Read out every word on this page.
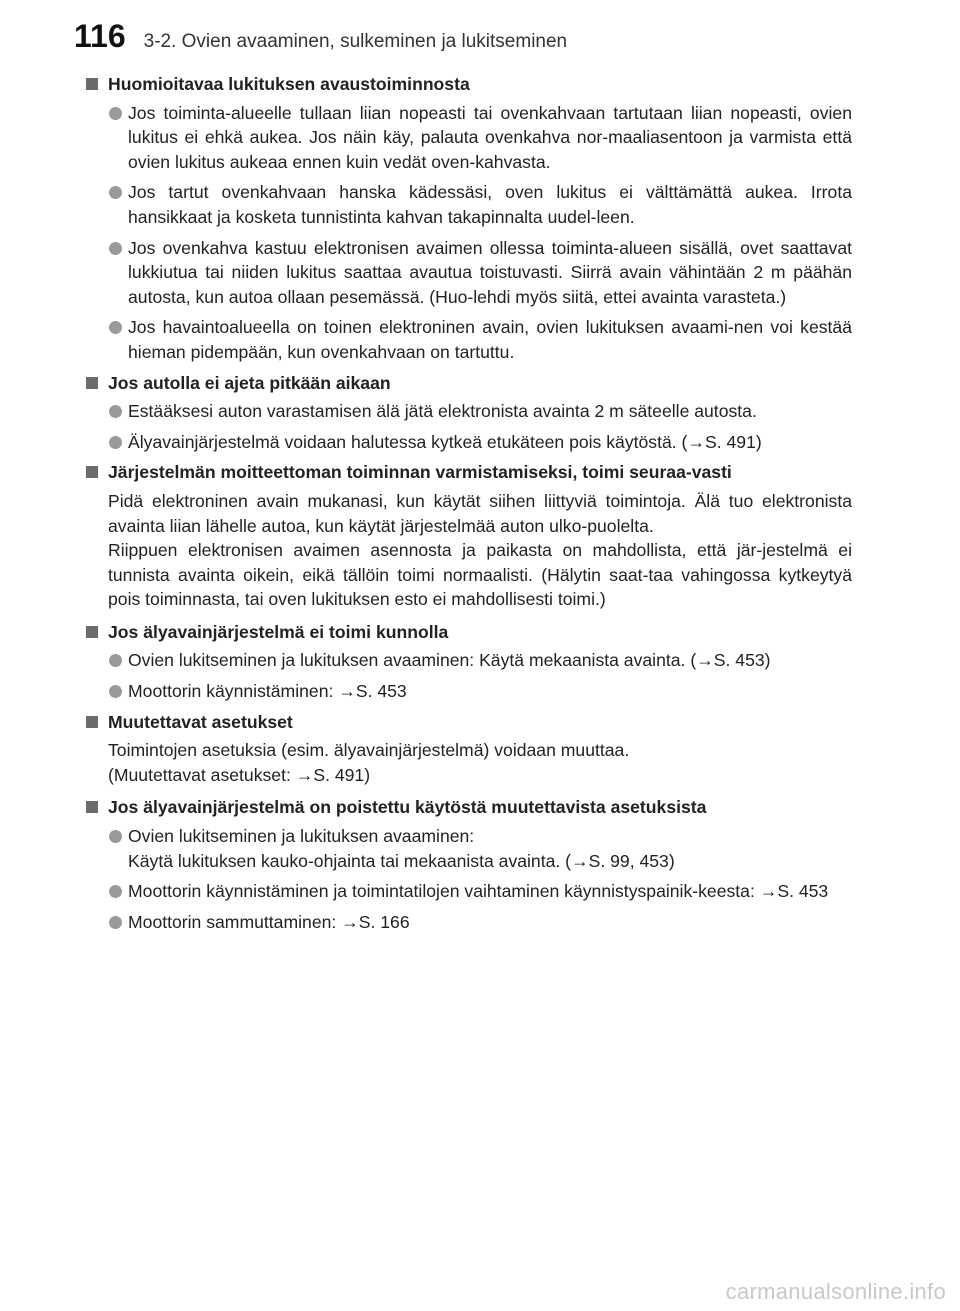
116 3-2. Ovien avaaminen, sulkeminen ja lukitseminen
Huomioitavaa lukituksen avaustoiminnosta
Jos toiminta-alueelle tullaan liian nopeasti tai ovenkahvaan tartutaan liian nopeasti, ovien lukitus ei ehkä aukea. Jos näin käy, palauta ovenkahva nor-maaliasentoon ja varmista että ovien lukitus aukeaa ennen kuin vedät oven-kahvasta.
Jos tartut ovenkahvaan hanska kädessäsi, oven lukitus ei välttämättä aukea. Irrota hansikkaat ja kosketa tunnistinta kahvan takapinnalta uudel-leen.
Jos ovenkahva kastuu elektronisen avaimen ollessa toiminta-alueen sisällä, ovet saattavat lukkiutua tai niiden lukitus saattaa avautua toistuvasti. Siirrä avain vähintään 2 m päähän autosta, kun autoa ollaan pesemässä. (Huo-lehdi myös siitä, ettei avainta varasteta.)
Jos havaintoalueella on toinen elektroninen avain, ovien lukituksen avaami-nen voi kestää hieman pidempään, kun ovenkahvaan on tartuttu.
Jos autolla ei ajeta pitkään aikaan
Estääksesi auton varastamisen älä jätä elektronista avainta 2 m säteelle autosta.
Älyavainjärjestelmä voidaan halutessa kytkeä etukäteen pois käytöstä. (→S. 491)
Järjestelmän moitteettoman toiminnan varmistamiseksi, toimi seuraa-vasti

Pidä elektroninen avain mukanasi, kun käytät siihen liittyviä toimintoja. Älä tuo elektronista avainta liian lähelle autoa, kun käytät järjestelmää auton ulko-puolelta.

Riippuen elektronisen avaimen asennosta ja paikasta on mahdollista, että jär-jestelmä ei tunnista avainta oikein, eikä tällöin toimi normaalisti. (Hälytin saat-taa vahingossa kytkeytyä pois toiminnasta, tai oven lukituksen esto ei mahdollisesti toimi.)

Jos älyavainjärjestelmä ei toimi kunnolla
Ovien lukitseminen ja lukituksen avaaminen: Käytä mekaanista avainta. (→S. 453)
Moottorin käynnistäminen: →S. 453
Muutettavat asetukset

Toimintojen asetuksia (esim. älyavainjärjestelmä) voidaan muuttaa.

(Muutettavat asetukset: →S. 491)

Jos älyavainjärjestelmä on poistettu käytöstä muutettavista asetuksista
Ovien lukitseminen ja lukituksen avaaminen:
Käytä lukituksen kauko-ohjainta tai mekaanista avainta. (→S. 99, 453)
Moottorin käynnistäminen ja toimintatilojen vaihtaminen käynnistyspainik-keesta: →S. 453
Moottorin sammuttaminen: →S. 166
carmanualsonline.info
